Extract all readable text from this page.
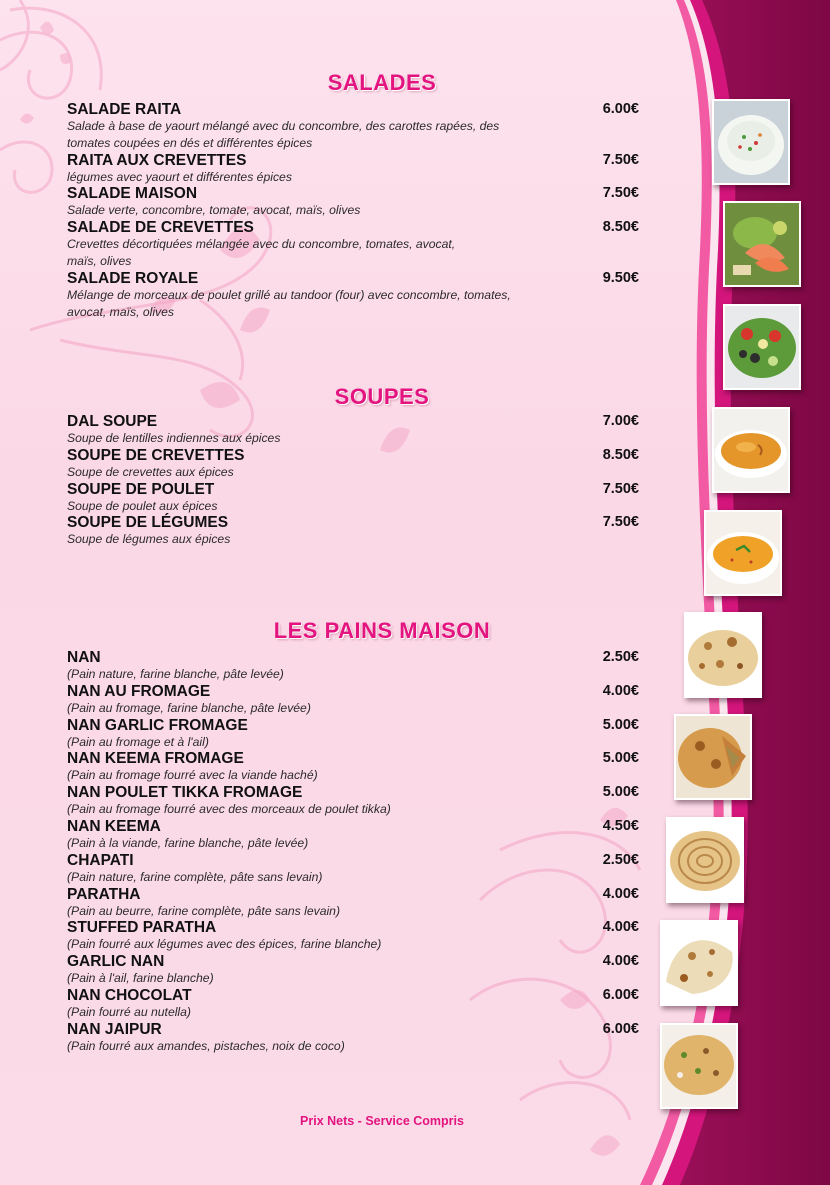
SALADES
SALADE RAITA	6.00€
Salade à base de yaourt mélangé avec du concombre, des carottes rapées, des tomates coupées en dés et différentes épices
RAITA AUX CREVETTES	7.50€
légumes avec yaourt et différentes épices
SALADE MAISON	7.50€
Salade verte, concombre, tomate, avocat, maïs, olives
SALADE DE CREVETTES	8.50€
Crevettes décortiquées mélangée avec du concombre, tomates, avocat, maïs, olives
SALADE ROYALE	9.50€
Mélange de morceaux de poulet grillé au tandoor (four) avec concombre, tomates, avocat, maïs, olives
SOUPES
DAL SOUPE	7.00€
Soupe de lentilles indiennes aux épices
SOUPE DE CREVETTES	8.50€
Soupe de crevettes aux épices
SOUPE DE POULET	7.50€
Soupe de poulet aux épices
SOUPE DE LÉGUMES	7.50€
Soupe de légumes aux épices
LES PAINS MAISON
NAN	2.50€
(Pain nature, farine blanche, pâte levée)
NAN AU FROMAGE	4.00€
(Pain au fromage, farine blanche, pâte levée)
NAN GARLIC FROMAGE	5.00€
(Pain au fromage et à l'ail)
NAN KEEMA FROMAGE	5.00€
(Pain au fromage fourré avec la viande haché)
NAN POULET TIKKA FROMAGE	5.00€
(Pain au fromage fourré avec des morceaux de poulet tikka)
NAN KEEMA	4.50€
(Pain à la viande, farine blanche, pâte levée)
CHAPATI	2.50€
(Pain nature, farine complète, pâte sans levain)
PARATHA	4.00€
(Pain au beurre, farine complète, pâte sans levain)
STUFFED PARATHA	4.00€
(Pain fourré aux légumes avec des épices, farine blanche)
GARLIC NAN	4.00€
(Pain à l'ail, farine blanche)
NAN CHOCOLAT	6.00€
(Pain fourré au nutella)
NAN JAIPUR	6.00€
(Pain fourré aux amandes, pistaches, noix de coco)
Prix Nets - Service Compris
